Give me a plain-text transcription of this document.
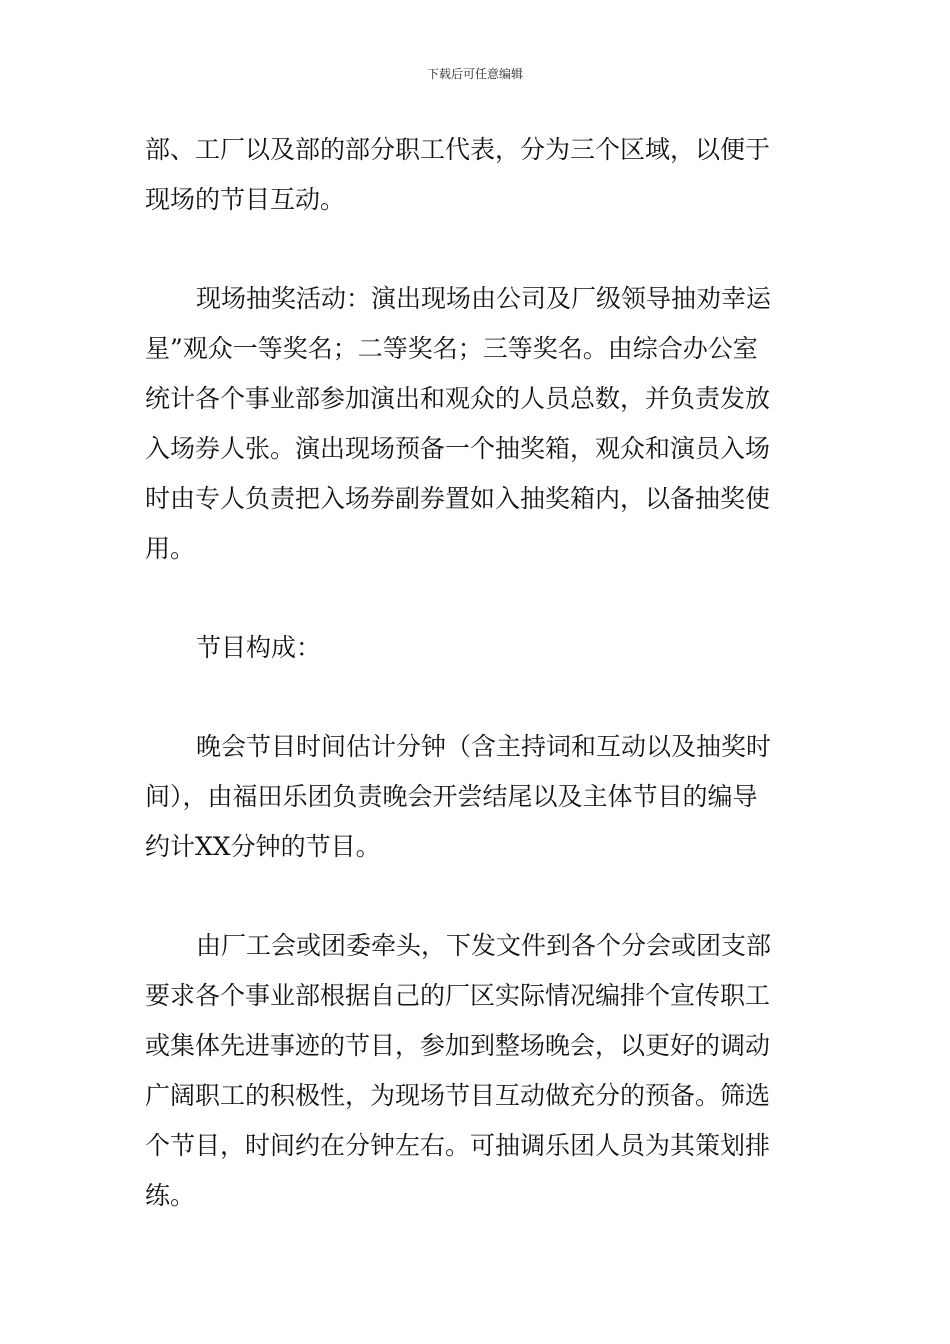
下载后可任意编辑

部、工厂以及部的部分职工代表，分为三个区域，以便于
现场的节目互动。

现场抽奖活动：演出现场由公司及厂级领导抽劝幸运
星”观众一等奖名；二等奖名；三等奖名。由综合办公室
统计各个事业部参加演出和观众的人员总数，并负责发放
入场券人张。演出现场预备一个抽奖箱，观众和演员入场
时由专人负责把入场券副券置如入抽奖箱内，以备抽奖使
用。

节目构成：

晚会节目时间估计分钟（含主持词和互动以及抽奖时
间），由福田乐团负责晚会开尝结尾以及主体节目的编导
约计XX分钟的节目。

由厂工会或团委牵头，下发文件到各个分会或团支部
要求各个事业部根据自己的厂区实际情况编排个宣传职工
或集体先进事迹的节目，参加到整场晚会，以更好的调动
广阔职工的积极性，为现场节目互动做充分的预备。筛选
个节目，时间约在分钟左右。可抽调乐团人员为其策划排
练。
